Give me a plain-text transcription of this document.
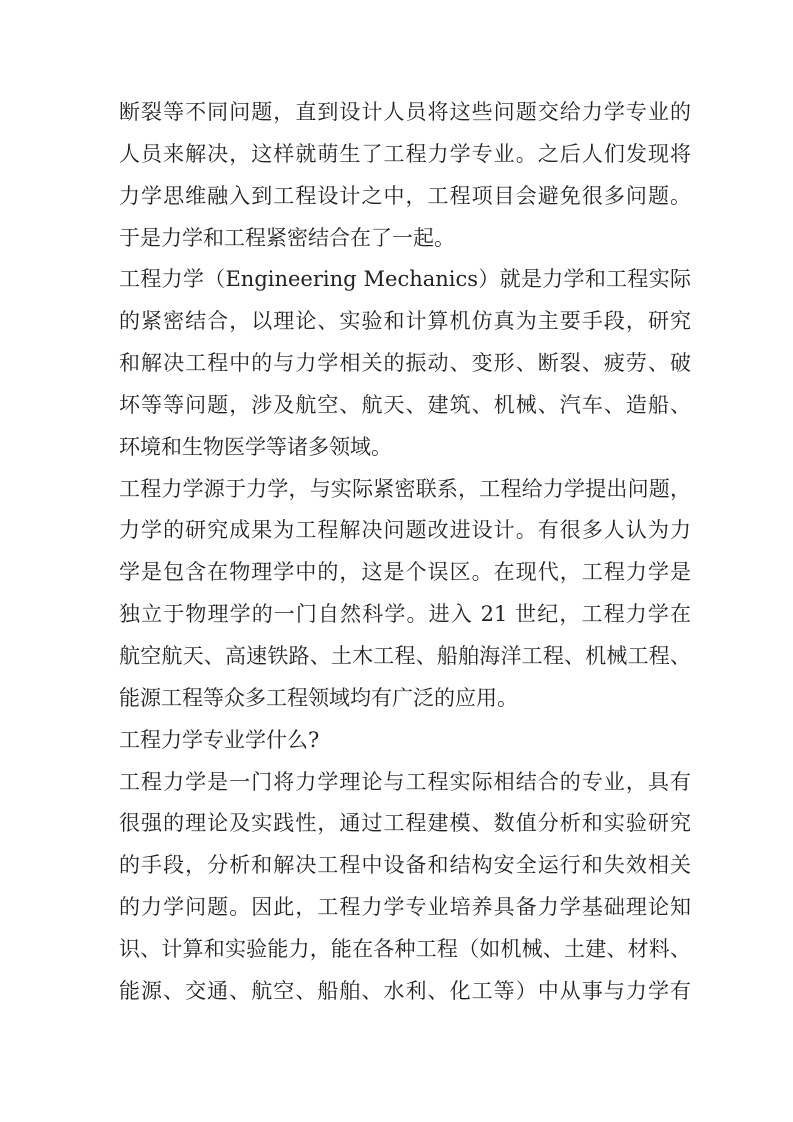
断裂等不同问题，直到设计人员将这些问题交给力学专业的
人员来解决，这样就萌生了工程力学专业。之后人们发现将
力学思维融入到工程设计之中，工程项目会避免很多问题。
于是力学和工程紧密结合在了一起。
工程力学（Engineering Mechanics）就是力学和工程实际
的紧密结合，以理论、实验和计算机仿真为主要手段，研究
和解决工程中的与力学相关的振动、变形、断裂、疲劳、破
坏等等问题，涉及航空、航天、建筑、机械、汽车、造船、
环境和生物医学等诸多领域。
工程力学源于力学，与实际紧密联系，工程给力学提出问题，
力学的研究成果为工程解决问题改进设计。有很多人认为力
学是包含在物理学中的，这是个误区。在现代，工程力学是
独立于物理学的一门自然科学。进入 21 世纪，工程力学在
航空航天、高速铁路、土木工程、船舶海洋工程、机械工程、
能源工程等众多工程领域均有广泛的应用。
工程力学专业学什么?
工程力学是一门将力学理论与工程实际相结合的专业，具有
很强的理论及实践性，通过工程建模、数值分析和实验研究
的手段，分析和解决工程中设备和结构安全运行和失效相关
的力学问题。因此，工程力学专业培养具备力学基础理论知
识、计算和实验能力，能在各种工程（如机械、土建、材料、
能源、交通、航空、船舶、水利、化工等）中从事与力学有
